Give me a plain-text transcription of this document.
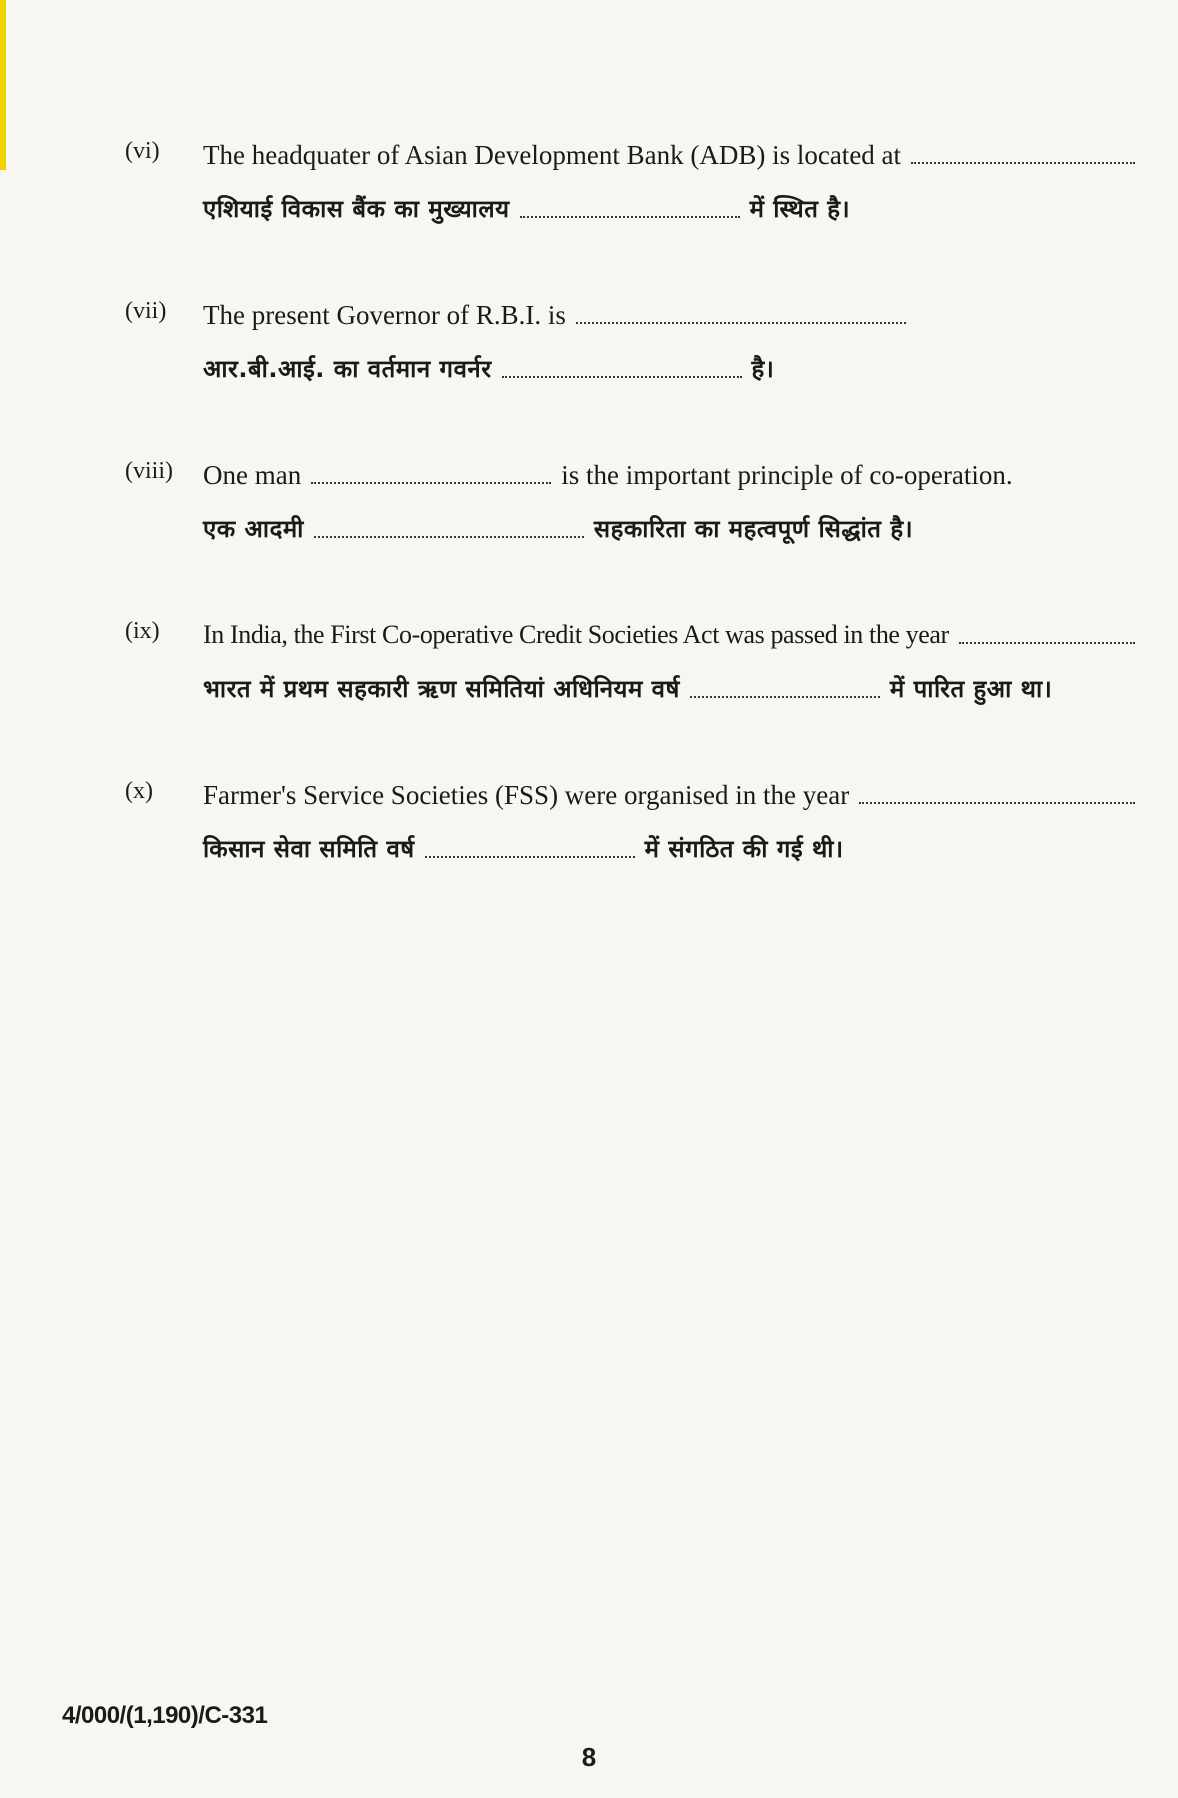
(vi)	The headquater of Asian Development Bank (ADB) is located at
एशियाई विकास बैंक का मुख्यालय	में स्थित है।
(vii)	The present Governor of R.B.I. is
आर.बी.आई. का वर्तमान गवर्नर	है।
(viii)	One man	is the important principle of co-operation.
एक आदमी	सहकारिता का महत्वपूर्ण सिद्धांत है।
(ix)	In India, the First Co-operative Credit Societies Act was passed in the year
भारत में प्रथम सहकारी ऋण समितियां अधिनियम वर्ष	में पारित हुआ था।
(x)	Farmer's Service Societies (FSS) were organised in the year
किसान सेवा समिति वर्ष	में संगठित की गई थी।
4/000/(1,190)/C-331
8
